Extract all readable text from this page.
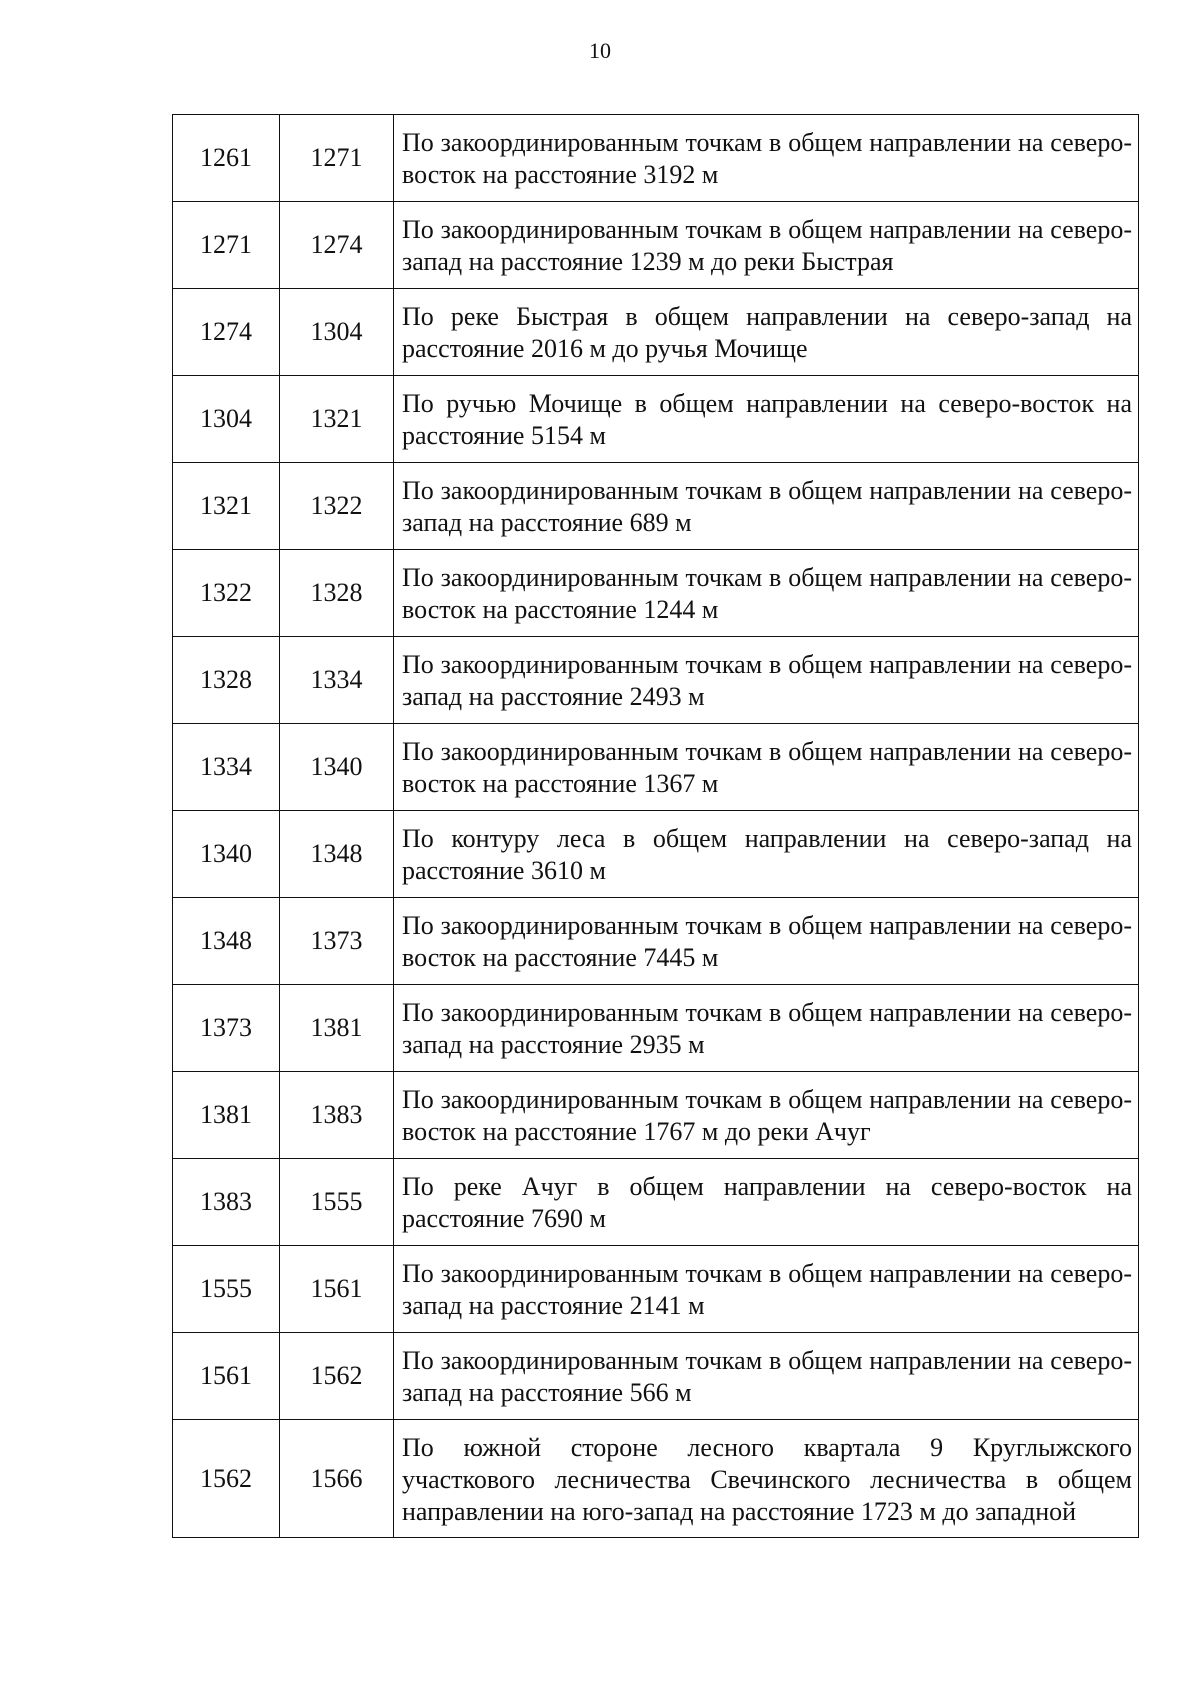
10
1261	1271	По закоординированным точкам в общем направлении на северо-восток на расстояние 3192 м
1271	1274	По закоординированным точкам в общем направлении на северо-запад на расстояние 1239 м до реки Быстрая
1274	1304	По реке Быстрая в общем направлении на северо-запад на расстояние 2016 м до ручья Мочище
1304	1321	По ручью Мочище в общем направлении на северо-восток на расстояние 5154 м
1321	1322	По закоординированным точкам в общем направлении на северо-запад на расстояние 689 м
1322	1328	По закоординированным точкам в общем направлении на северо-восток на расстояние 1244 м
1328	1334	По закоординированным точкам в общем направлении на северо-запад на расстояние 2493 м
1334	1340	По закоординированным точкам в общем направлении на северо-восток на расстояние 1367 м
1340	1348	По контуру леса в общем направлении на северо-запад на расстояние 3610 м
1348	1373	По закоординированным точкам в общем направлении на северо-восток на расстояние 7445 м
1373	1381	По закоординированным точкам в общем направлении на северо-запад на расстояние 2935 м
1381	1383	По закоординированным точкам в общем направлении на северо-восток на расстояние 1767 м до реки Ачуг
1383	1555	По реке Ачуг в общем направлении на северо-восток на расстояние 7690 м
1555	1561	По закоординированным точкам в общем направлении на северо-запад на расстояние 2141 м
1561	1562	По закоординированным точкам в общем направлении на северо-запад на расстояние 566 м
1562	1566	По южной стороне лесного квартала 9 Круглыжского участкового лесничества Свечинского лесничества в общем направлении на юго-запад на расстояние 1723 м до западной
